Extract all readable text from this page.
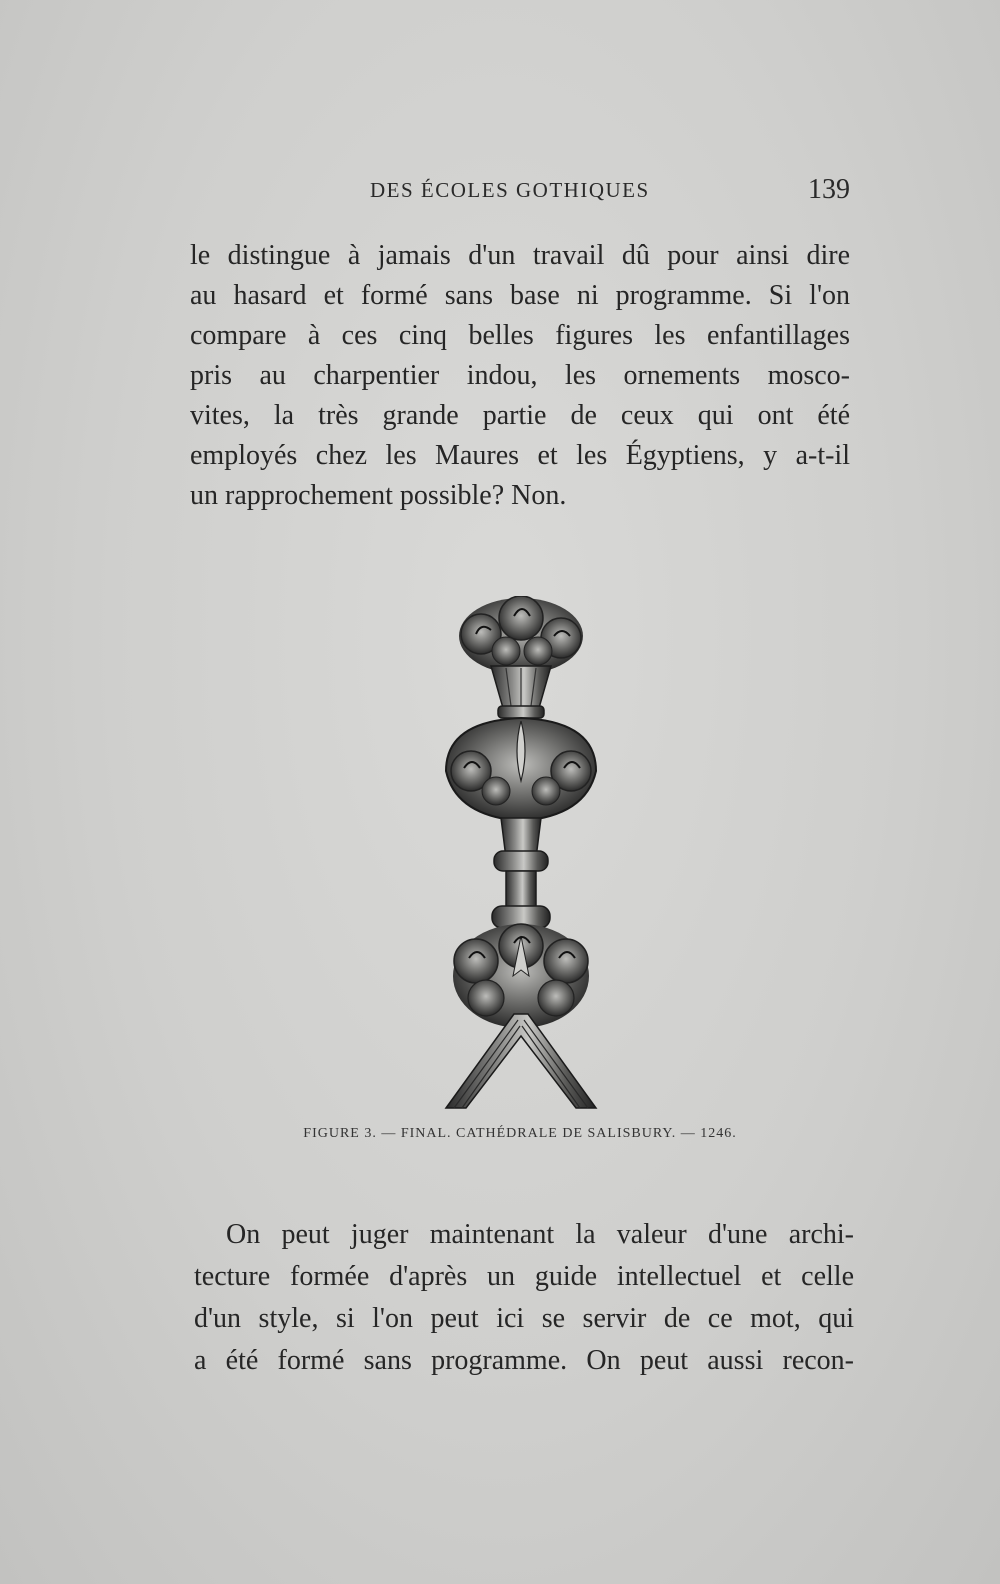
DES ÉCOLES GOTHIQUES	139
le distingue à jamais d'un travail dû pour ainsi dire
au hasard et formé sans base ni programme. Si l'on
compare à ces cinq belles figures les enfantillages
pris au charpentier indou, les ornements mosco-
vites, la très grande partie de ceux qui ont été
employés chez les Maures et les Égyptiens, y a-t-il
un rapprochement possible? Non.
FIGURE 3. — FINAL. CATHÉDRALE DE SALISBURY. — 1246.
On peut juger maintenant la valeur d'une archi-
tecture formée d'après un guide intellectuel et celle
d'un style, si l'on peut ici se servir de ce mot, qui
a été formé sans programme. On peut aussi recon-
